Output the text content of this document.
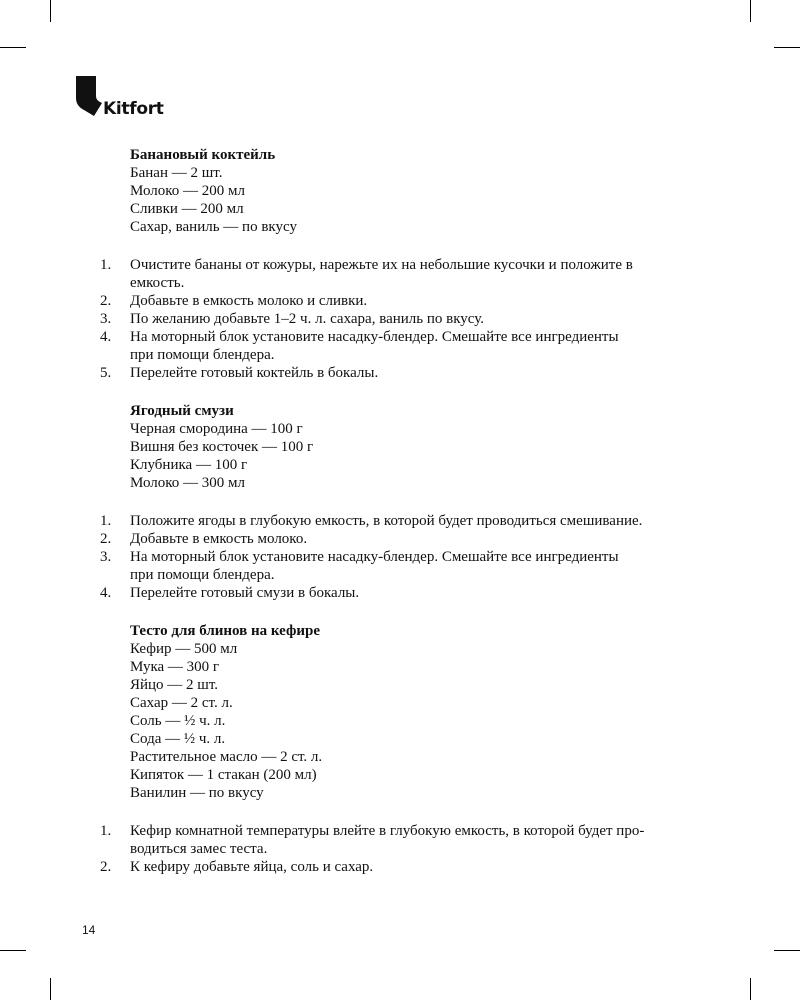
Kitfort
Банановый коктейль
Банан — 2 шт.
Молоко — 200 мл
Сливки — 200 мл
Сахар, ваниль — по вкусу
1.	Очистите бананы от кожуры, нарежьте их на небольшие кусочки и положите в
емкость.
2.	Добавьте в емкость молоко и сливки.
3.	По желанию добавьте 1–2 ч. л. сахара, ваниль по вкусу.
4.	На моторный блок установите насадку-блендер. Смешайте все ингредиенты
при помощи блендера.
5.	Перелейте готовый коктейль в бокалы.
Ягодный смузи
Черная смородина — 100 г
Вишня без косточек — 100 г
Клубника — 100 г
Молоко — 300 мл
1.	Положите ягоды в глубокую емкость, в которой будет проводиться смешивание.
2.	Добавьте в емкость молоко.
3.	На моторный блок установите насадку-блендер. Смешайте все ингредиенты
при помощи блендера.
4.	Перелейте готовый смузи в бокалы.
Тесто для блинов на кефире
Кефир — 500 мл
Мука — 300 г
Яйцо — 2 шт.
Сахар — 2 ст. л.
Соль — ½ ч. л.
Сода — ½ ч. л.
Растительное масло — 2 ст. л.
Кипяток — 1 стакан (200 мл)
Ванилин — по вкусу
1.	Кефир комнатной температуры влейте в глубокую емкость, в которой будет про-
водиться замес теста.
2.	К кефиру добавьте яйца, соль и сахар.
14
